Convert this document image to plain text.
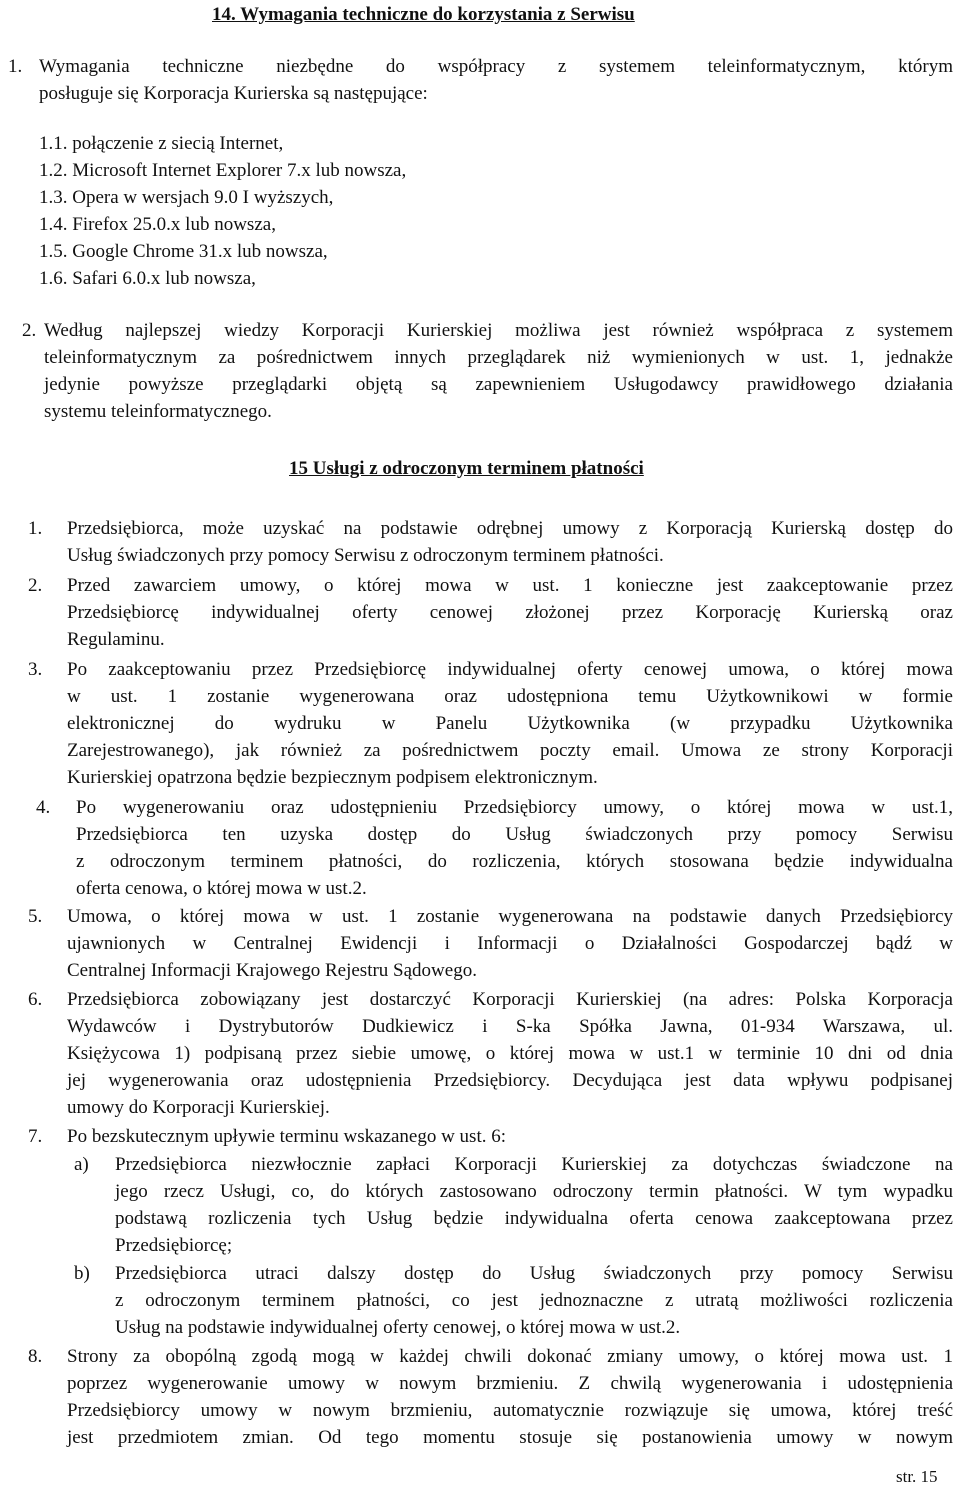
14. Wymagania techniczne do korzystania z Serwisu
1. Wymagania techniczne niezbędne do współpracy z systemem teleinformatycznym, którym
posługuje się Korporacja Kurierska są następujące:
1.1. połączenie z siecią Internet,
1.2. Microsoft Internet Explorer 7.x lub nowsza,
1.3. Opera w wersjach 9.0 I wyższych,
1.4. Firefox 25.0.x lub nowsza,
1.5. Google Chrome 31.x lub nowsza,
1.6. Safari 6.0.x lub nowsza,
2. Według najlepszej wiedzy Korporacji Kurierskiej możliwa jest również współpraca z systemem
teleinformatycznym za pośrednictwem innych przeglądarek niż wymienionych w ust. 1, jednakże
jedynie powyższe przeglądarki objętą są zapewnieniem Usługodawcy prawidłowego działania
systemu teleinformatycznego.
15 Usługi z odroczonym terminem płatności
1. Przedsiębiorca, może uzyskać na podstawie odrębnej umowy z Korporacją Kurierską dostęp do
Usług świadczonych przy pomocy Serwisu z odroczonym terminem płatności.
2. Przed zawarciem umowy, o której mowa w ust. 1 konieczne jest zaakceptowanie przez
Przedsiębiorcę indywidualnej oferty cenowej złożonej przez Korporację Kurierską oraz
Regulaminu.
3. Po zaakceptowaniu przez Przedsiębiorcę indywidualnej oferty cenowej umowa, o której mowa
w ust. 1 zostanie wygenerowana oraz udostępniona temu Użytkownikowi w formie
elektronicznej do wydruku w Panelu Użytkownika (w przypadku Użytkownika
Zarejestrowanego), jak również za pośrednictwem poczty email. Umowa ze strony Korporacji
Kurierskiej opatrzona będzie bezpiecznym podpisem elektronicznym.
4. Po wygenerowaniu oraz udostępnieniu Przedsiębiorcy umowy, o której mowa w ust.1,
Przedsiębiorca ten uzyska dostęp do Usług świadczonych przy pomocy Serwisu
z odroczonym terminem płatności, do rozliczenia, których stosowana będzie indywidualna
oferta cenowa, o której mowa w ust.2.
5. Umowa, o której mowa w ust. 1 zostanie wygenerowana na podstawie danych Przedsiębiorcy
ujawnionych w Centralnej Ewidencji i Informacji o Działalności Gospodarczej bądź w
Centralnej Informacji Krajowego Rejestru Sądowego.
6. Przedsiębiorca zobowiązany jest dostarczyć Korporacji Kurierskiej (na adres: Polska Korporacja
Wydawców i Dystrybutorów Dudkiewicz i S-ka Spółka Jawna, 01-934 Warszawa, ul.
Księżycowa 1) podpisaną przez siebie umowę, o której mowa w ust.1 w terminie 10 dni od dnia
jej wygenerowania oraz udostępnienia Przedsiębiorcy. Decydująca jest data wpływu podpisanej
umowy do Korporacji Kurierskiej.
7. Po bezskutecznym upływie terminu wskazanego w ust. 6:
a) Przedsiębiorca niezwłocznie zapłaci Korporacji Kurierskiej za dotychczas świadczone na
jego rzecz Usługi, co, do których zastosowano odroczony termin płatności. W tym wypadku
podstawą rozliczenia tych Usług będzie indywidualna oferta cenowa zaakceptowana przez
Przedsiębiorcę;
b) Przedsiębiorca utraci dalszy dostęp do Usług świadczonych przy pomocy Serwisu
z odroczonym terminem płatności, co jest jednoznaczne z utratą możliwości rozliczenia
Usług na podstawie indywidualnej oferty cenowej, o której mowa w ust.2.
8. Strony za obopólną zgodą mogą w każdej chwili dokonać zmiany umowy, o której mowa ust. 1
poprzez wygenerowanie umowy w nowym brzmieniu. Z chwilą wygenerowania i udostępnienia
Przedsiębiorcy umowy w nowym brzmieniu, automatycznie rozwiązuje się umowa, której treść
jest przedmiotem zmian. Od tego momentu stosuje się postanowienia umowy w nowym
str. 15
